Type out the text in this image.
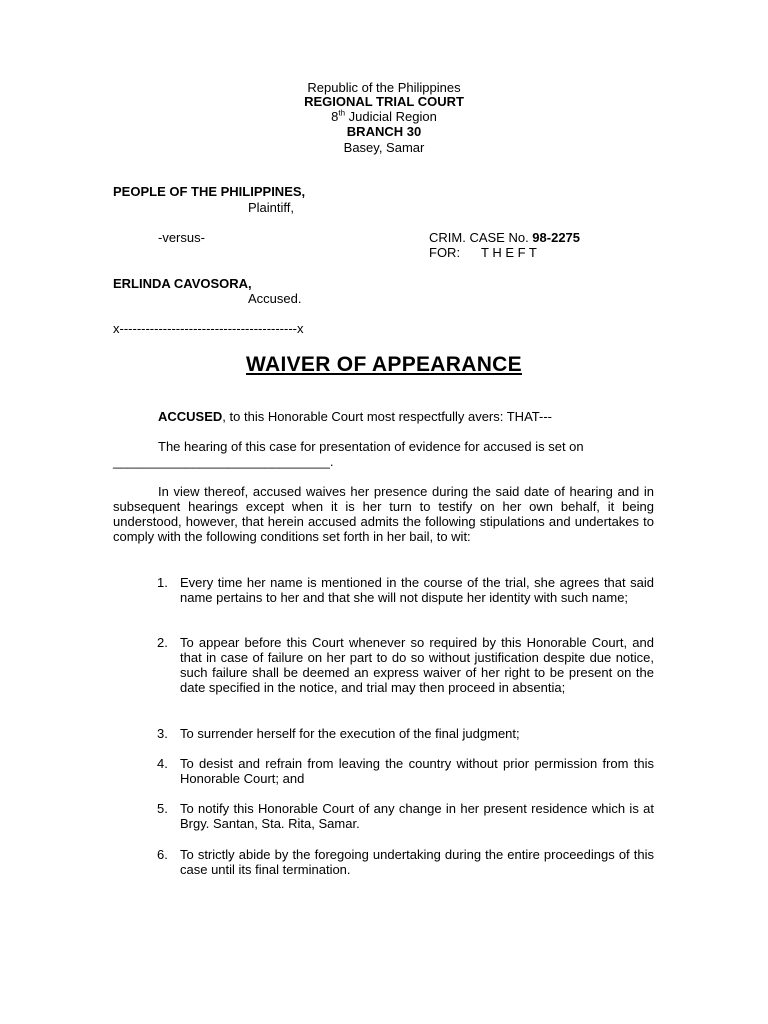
Republic of the Philippines
REGIONAL TRIAL COURT
8th Judicial Region
BRANCH 30
Basey, Samar
PEOPLE OF THE PHILIPPINES,
Plaintiff,
-versus-	CRIM. CASE No. 98-2275
FOR: T H E F T
ERLINDA CAVOSORA,
Accused.
x-----------------------------------------x
WAIVER OF APPEARANCE
ACCUSED, to this Honorable Court most respectfully avers: THAT---
The hearing of this case for presentation of evidence for accused is set on
______________________________.
In view thereof, accused waives her presence during the said date of hearing and in subsequent hearings except when it is her turn to testify on her own behalf, it being understood, however, that herein accused admits the following stipulations and undertakes to comply with the following conditions set forth in her bail, to wit:
1. Every time her name is mentioned in the course of the trial, she agrees that said name pertains to her and that she will not dispute her identity with such name;
2. To appear before this Court whenever so required by this Honorable Court, and that in case of failure on her part to do so without justification despite due notice, such failure shall be deemed an express waiver of her right to be present on the date specified in the notice, and trial may then proceed in absentia;
3. To surrender herself for the execution of the final judgment;
4. To desist and refrain from leaving the country without prior permission from this Honorable Court; and
5. To notify this Honorable Court of any change in her present residence which is at Brgy. Santan, Sta. Rita, Samar.
6. To strictly abide by the foregoing undertaking during the entire proceedings of this case until its final termination.
